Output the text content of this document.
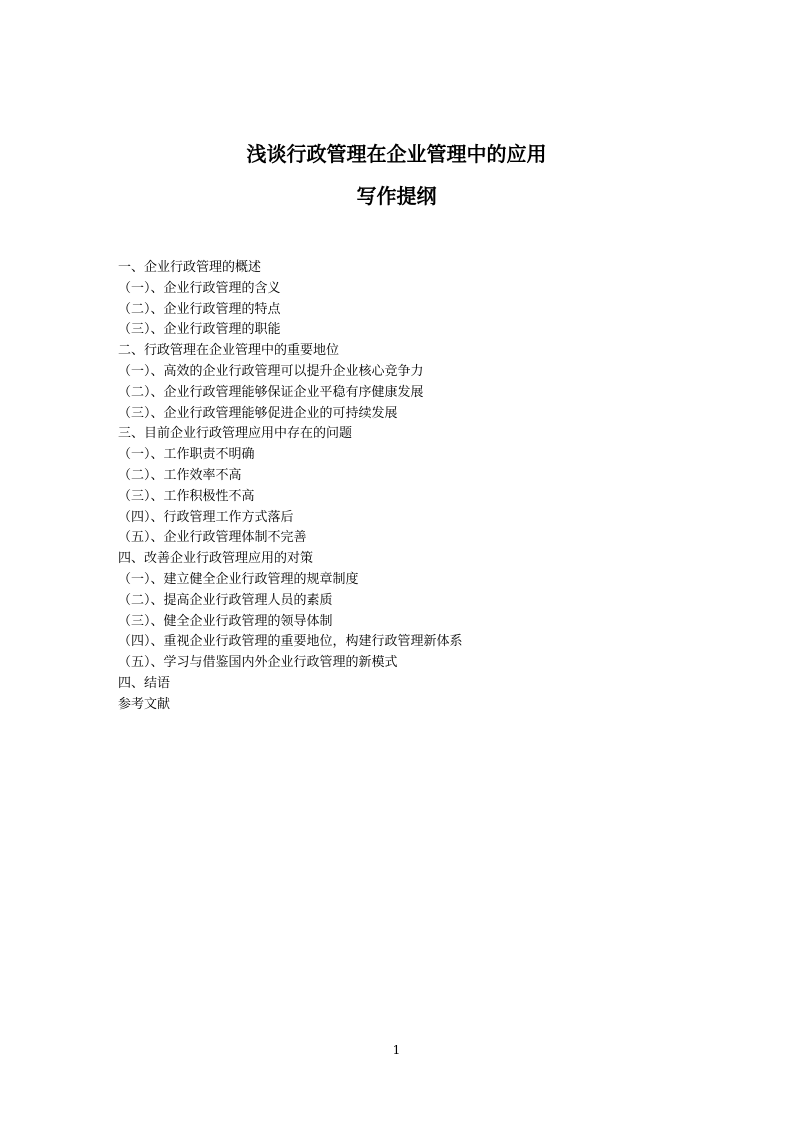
浅谈行政管理在企业管理中的应用
写作提纲
一、企业行政管理的概述
（一）、企业行政管理的含义
（二）、企业行政管理的特点
（三）、企业行政管理的职能
二、行政管理在企业管理中的重要地位
（一）、高效的企业行政管理可以提升企业核心竞争力
（二）、企业行政管理能够保证企业平稳有序健康发展
（三）、企业行政管理能够促进企业的可持续发展
三、目前企业行政管理应用中存在的问题
（一）、工作职责不明确
（二）、工作效率不高
（三）、工作积极性不高
（四）、行政管理工作方式落后
（五）、企业行政管理体制不完善
四、改善企业行政管理应用的对策
（一）、建立健全企业行政管理的规章制度
（二）、提高企业行政管理人员的素质
（三）、健全企业行政管理的领导体制
（四）、重视企业行政管理的重要地位，构建行政管理新体系
（五）、学习与借鉴国内外企业行政管理的新模式
四、结语
参考文献
1
